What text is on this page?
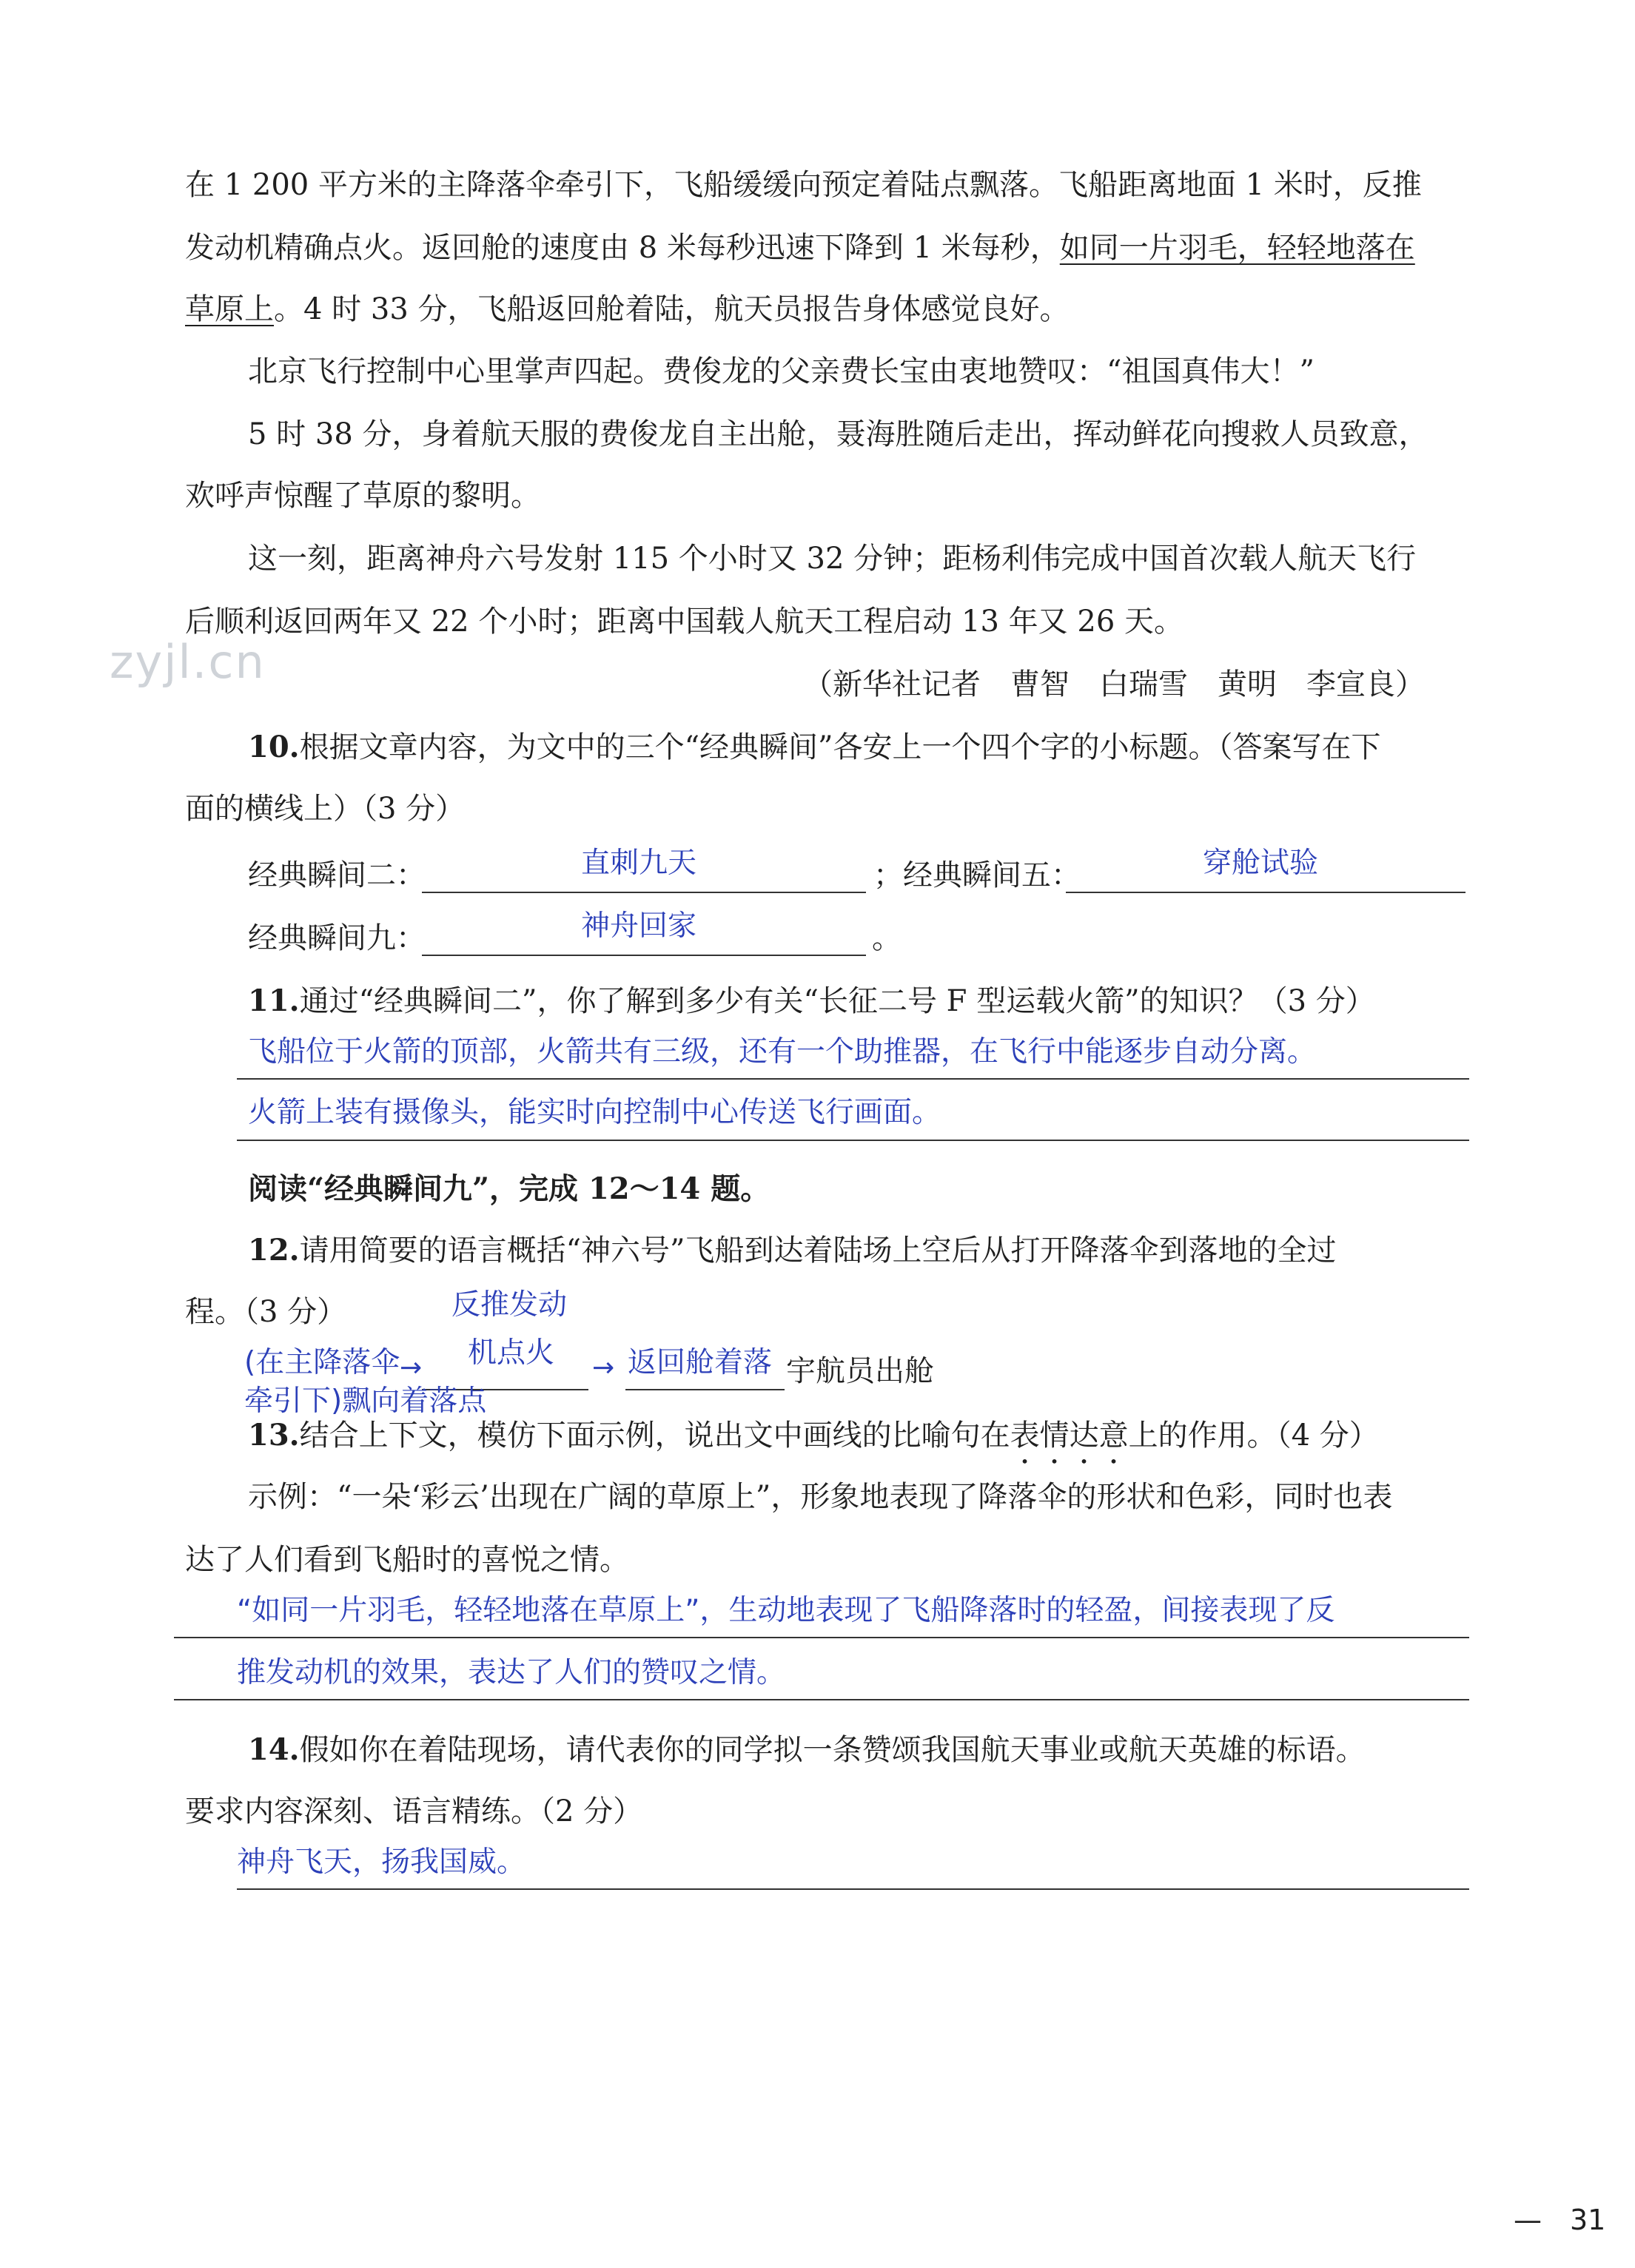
在 1 200 平方米的主降落伞牵引下，飞船缓缓向预定着陆点飘落。飞船距离地面 1 米时，反推
发动机精确点火。返回舱的速度由 8 米每秒迅速下降到 1 米每秒，如同一片羽毛，轻轻地落在
草原上。4 时 33 分，飞船返回舱着陆，航天员报告身体感觉良好。
北京飞行控制中心里掌声四起。费俊龙的父亲费长宝由衷地赞叹：“祖国真伟大！”
5 时 38 分，身着航天服的费俊龙自主出舱，聂海胜随后走出，挥动鲜花向搜救人员致意，
欢呼声惊醒了草原的黎明。
这一刻，距离神舟六号发射 115 个小时又 32 分钟；距杨利伟完成中国首次载人航天飞行
后顺利返回两年又 22 个小时；距离中国载人航天工程启动 13 年又 26 天。
zyjl.cn	（新华社记者　曹智　白瑞雪　黄明　李宣良）
10.根据文章内容，为文中的三个“经典瞬间”各安上一个四个字的小标题。（答案写在下
面的横线上）（3 分）
经典瞬间二：	直刺九天	；经典瞬间五：	穿舱试验
经典瞬间九：	神舟回家	。
11.通过“经典瞬间二”，你了解到多少有关“长征二号 F 型运载火箭”的知识？（3 分）
飞船位于火箭的顶部，火箭共有三级，还有一个助推器，在飞行中能逐步自动分离。
火箭上装有摄像头，能实时向控制中心传送飞行画面。
阅读“经典瞬间九”，完成 12～14 题。
12.请用简要的语言概括“神六号”飞船到达着陆场上空后从打开降落伞到落地的全过
程。（3 分）	反推发动
(在主降落伞 → 机点火 → 返回舱着落 宇航员出舱
牵引下)飘向着落点
13.结合上下文，模仿下面示例，说出文中画线的比喻句在表情达意上的作用。（4 分）
示例：“一朵‘彩云’出现在广阔的草原上”，形象地表现了降落伞的形状和色彩，同时也表
达了人们看到飞船时的喜悦之情。
“如同一片羽毛，轻轻地落在草原上”，生动地表现了飞船降落时的轻盈，间接表现了反
推发动机的效果，表达了人们的赞叹之情。
14.假如你在着陆现场，请代表你的同学拟一条赞颂我国航天事业或航天英雄的标语。
要求内容深刻、语言精练。（2 分）
神舟飞天，扬我国威。
—　31
